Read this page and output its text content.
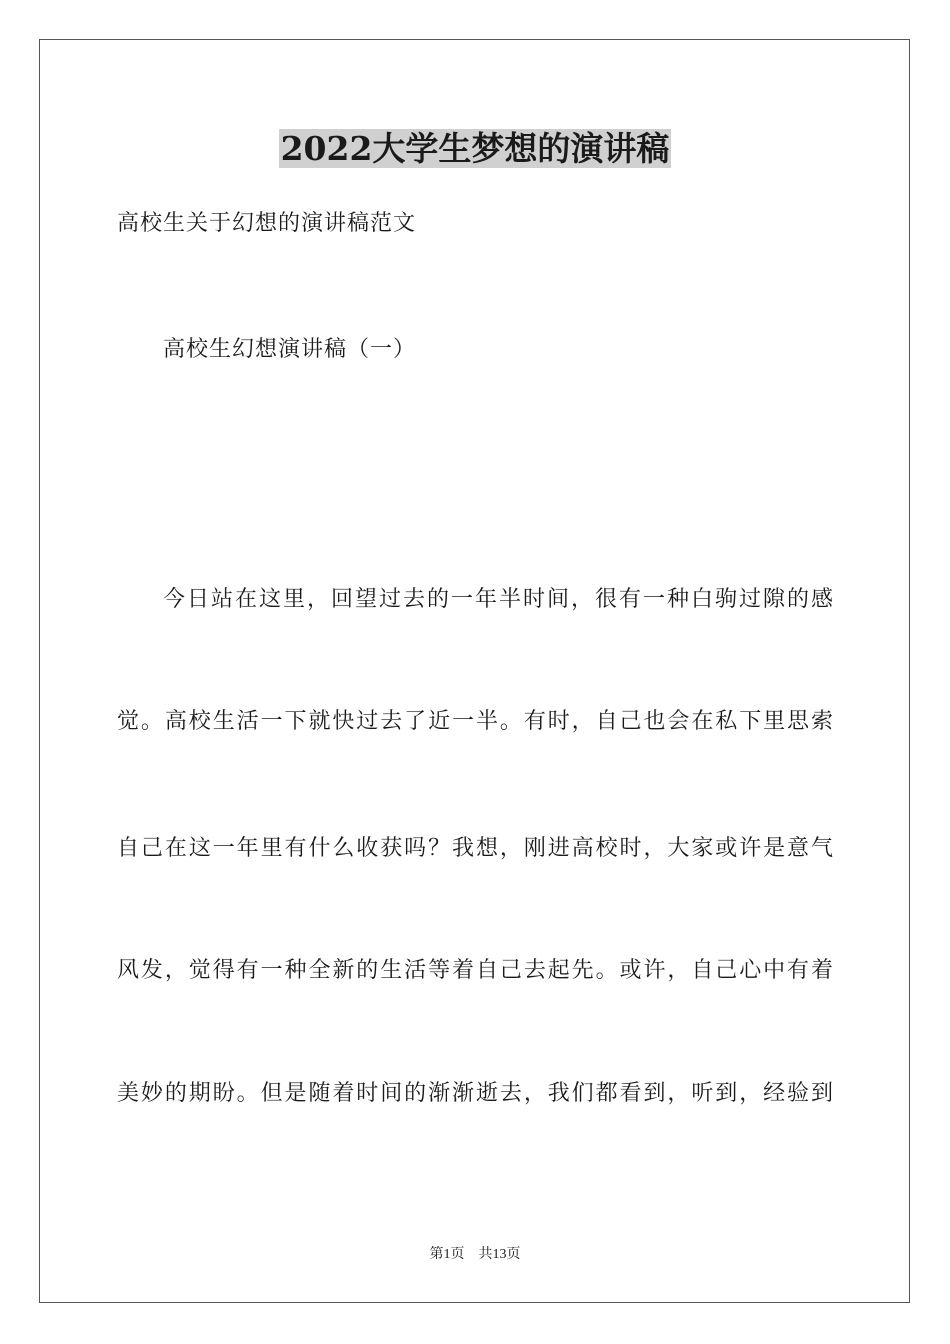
2022大学生梦想的演讲稿
高校生关于幻想的演讲稿范文
高校生幻想演讲稿（一）
今日站在这里，回望过去的一年半时间，很有一种白驹过隙的感
觉。高校生活一下就快过去了近一半。有时，自己也会在私下里思索
自己在这一年里有什么收获吗？我想，刚进高校时，大家或许是意气
风发，觉得有一种全新的生活等着自己去起先。或许，自己心中有着
美妙的期盼。但是随着时间的渐渐逝去，我们都看到，听到，经验到
第1页 共13页
